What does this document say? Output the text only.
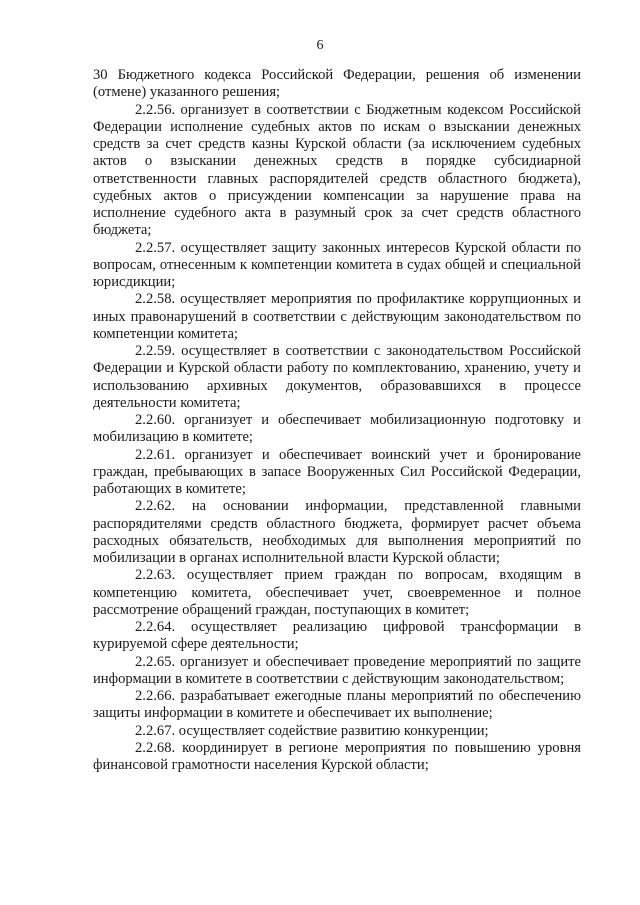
6

30 Бюджетного кодекса Российской Федерации, решения об изменении (отмене) указанного решения;

2.2.56. организует в соответствии с Бюджетным кодексом Российской Федерации исполнение судебных актов по искам о взыскании денежных средств за счет средств казны Курской области (за исключением судебных актов о взыскании денежных средств в порядке субсидиарной ответственности главных распорядителей средств областного бюджета), судебных актов о присуждении компенсации за нарушение права на исполнение судебного акта в разумный срок за счет средств областного бюджета;

2.2.57. осуществляет защиту законных интересов Курской области по вопросам, отнесенным к компетенции комитета в судах общей и специальной юрисдикции;

2.2.58. осуществляет мероприятия по профилактике коррупционных и иных правонарушений в соответствии с действующим законодательством по компетенции комитета;

2.2.59. осуществляет в соответствии с законодательством Российской Федерации и Курской области работу по комплектованию, хранению, учету и использованию архивных документов, образовавшихся в процессе деятельности комитета;

2.2.60. организует и обеспечивает мобилизационную подготовку и мобилизацию в комитете;

2.2.61. организует и обеспечивает воинский учет и бронирование граждан, пребывающих в запасе Вооруженных Сил Российской Федерации, работающих в комитете;

2.2.62. на основании информации, представленной главными распорядителями средств областного бюджета, формирует расчет объема расходных обязательств, необходимых для выполнения мероприятий по мобилизации в органах исполнительной власти Курской области;

2.2.63. осуществляет прием граждан по вопросам, входящим в компетенцию комитета, обеспечивает учет, своевременное и полное рассмотрение обращений граждан, поступающих в комитет;

2.2.64. осуществляет реализацию цифровой трансформации в курируемой сфере деятельности;

2.2.65. организует и обеспечивает проведение мероприятий по защите информации в комитете в соответствии с действующим законодательством;

2.2.66. разрабатывает ежегодные планы мероприятий по обеспечению защиты информации в комитете и обеспечивает их выполнение;

2.2.67. осуществляет содействие развитию конкуренции;

2.2.68. координирует в регионе мероприятия по повышению уровня финансовой грамотности населения Курской области;
